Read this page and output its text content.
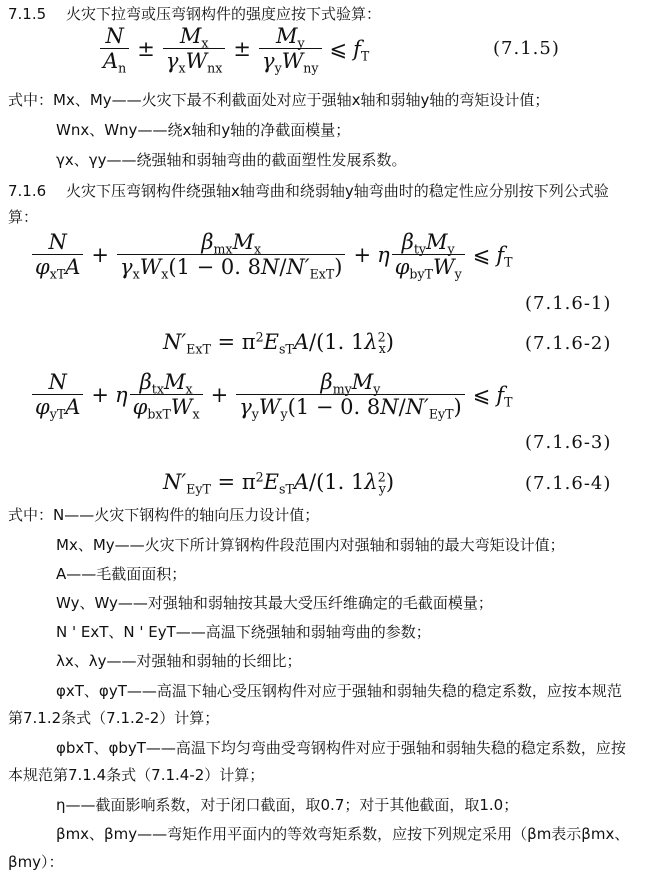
7.1.5 火灾下拉弯或压弯钢构件的强度应按下式验算：
$\frac{N}{A_n} \pm \frac{M_x}{\gamma_xW_{nx}} \pm \frac{M_y}{\gamma_yW_{ny}}$ ⩽ $f_T$	(7.1.5)
式中：Mx、My——火灾下最不利截面处对应于强轴x轴和弱轴y轴的弯矩设计值；
Wnx、Wny——绕x轴和y轴的净截面模量；
γx、γy——绕强轴和弱轴弯曲的截面塑性发展系数。
7.1.6 火灾下压弯钢构件绕强轴x轴弯曲和绕弱轴y轴弯曲时的稳定性应分别按下列公式验
算：
$\frac{N}{\varphi_{xT}A} + \frac{\beta_{mx}M_x}{\gamma_xW_x(1 - 0. 8N/N'_{ExT})} + \eta \frac{\beta_{ty}M_y}{\varphi_{byT}W_y}$ ⩽ $f_T$
(7.1.6-1)
$N'_{ExT} = \pi^2E_{sT}A/(1$. $1\lambda^2_x$)	(7.1.6-2)
$\frac{N}{\varphi_{yT}A} + \eta \frac{\beta_{tx}M_x}{\varphi_{bxT}W_x} + \frac{\beta_{my}M_y}{\gamma_yW_y(1 - 0. 8N/N'_{EyT})}$ ⩽ $f_T$
(7.1.6-3)
$N'_{EyT} = \pi^2E_{sT}A/(1$. $1\lambda^2_y$)	(7.1.6-4)
式中：N——火灾下钢构件的轴向压力设计值；
Mx、My——火灾下所计算钢构件段范围内对强轴和弱轴的最大弯矩设计值；
A——毛截面面积；
Wy、Wy——对强轴和弱轴按其最大受压纤维确定的毛截面模量；
N ' ExT、N ' EyT——高温下绕强轴和弱轴弯曲的参数；
λx、λy——对强轴和弱轴的长细比；
φxT、φyT——高温下轴心受压钢构件对应于强轴和弱轴失稳的稳定系数，应按本规范
第7.1.2条式（7.1.2-2）计算；
φbxT、φbyT——高温下均匀弯曲受弯钢构件对应于强轴和弱轴失稳的稳定系数，应按
本规范第7.1.4条式（7.1.4-2）计算；
η——截面影响系数，对于闭口截面，取0.7；对于其他截面，取1.0；
βmx、βmy——弯矩作用平面内的等效弯矩系数，应按下列规定采用（βm表示βmx、
βmy）：
